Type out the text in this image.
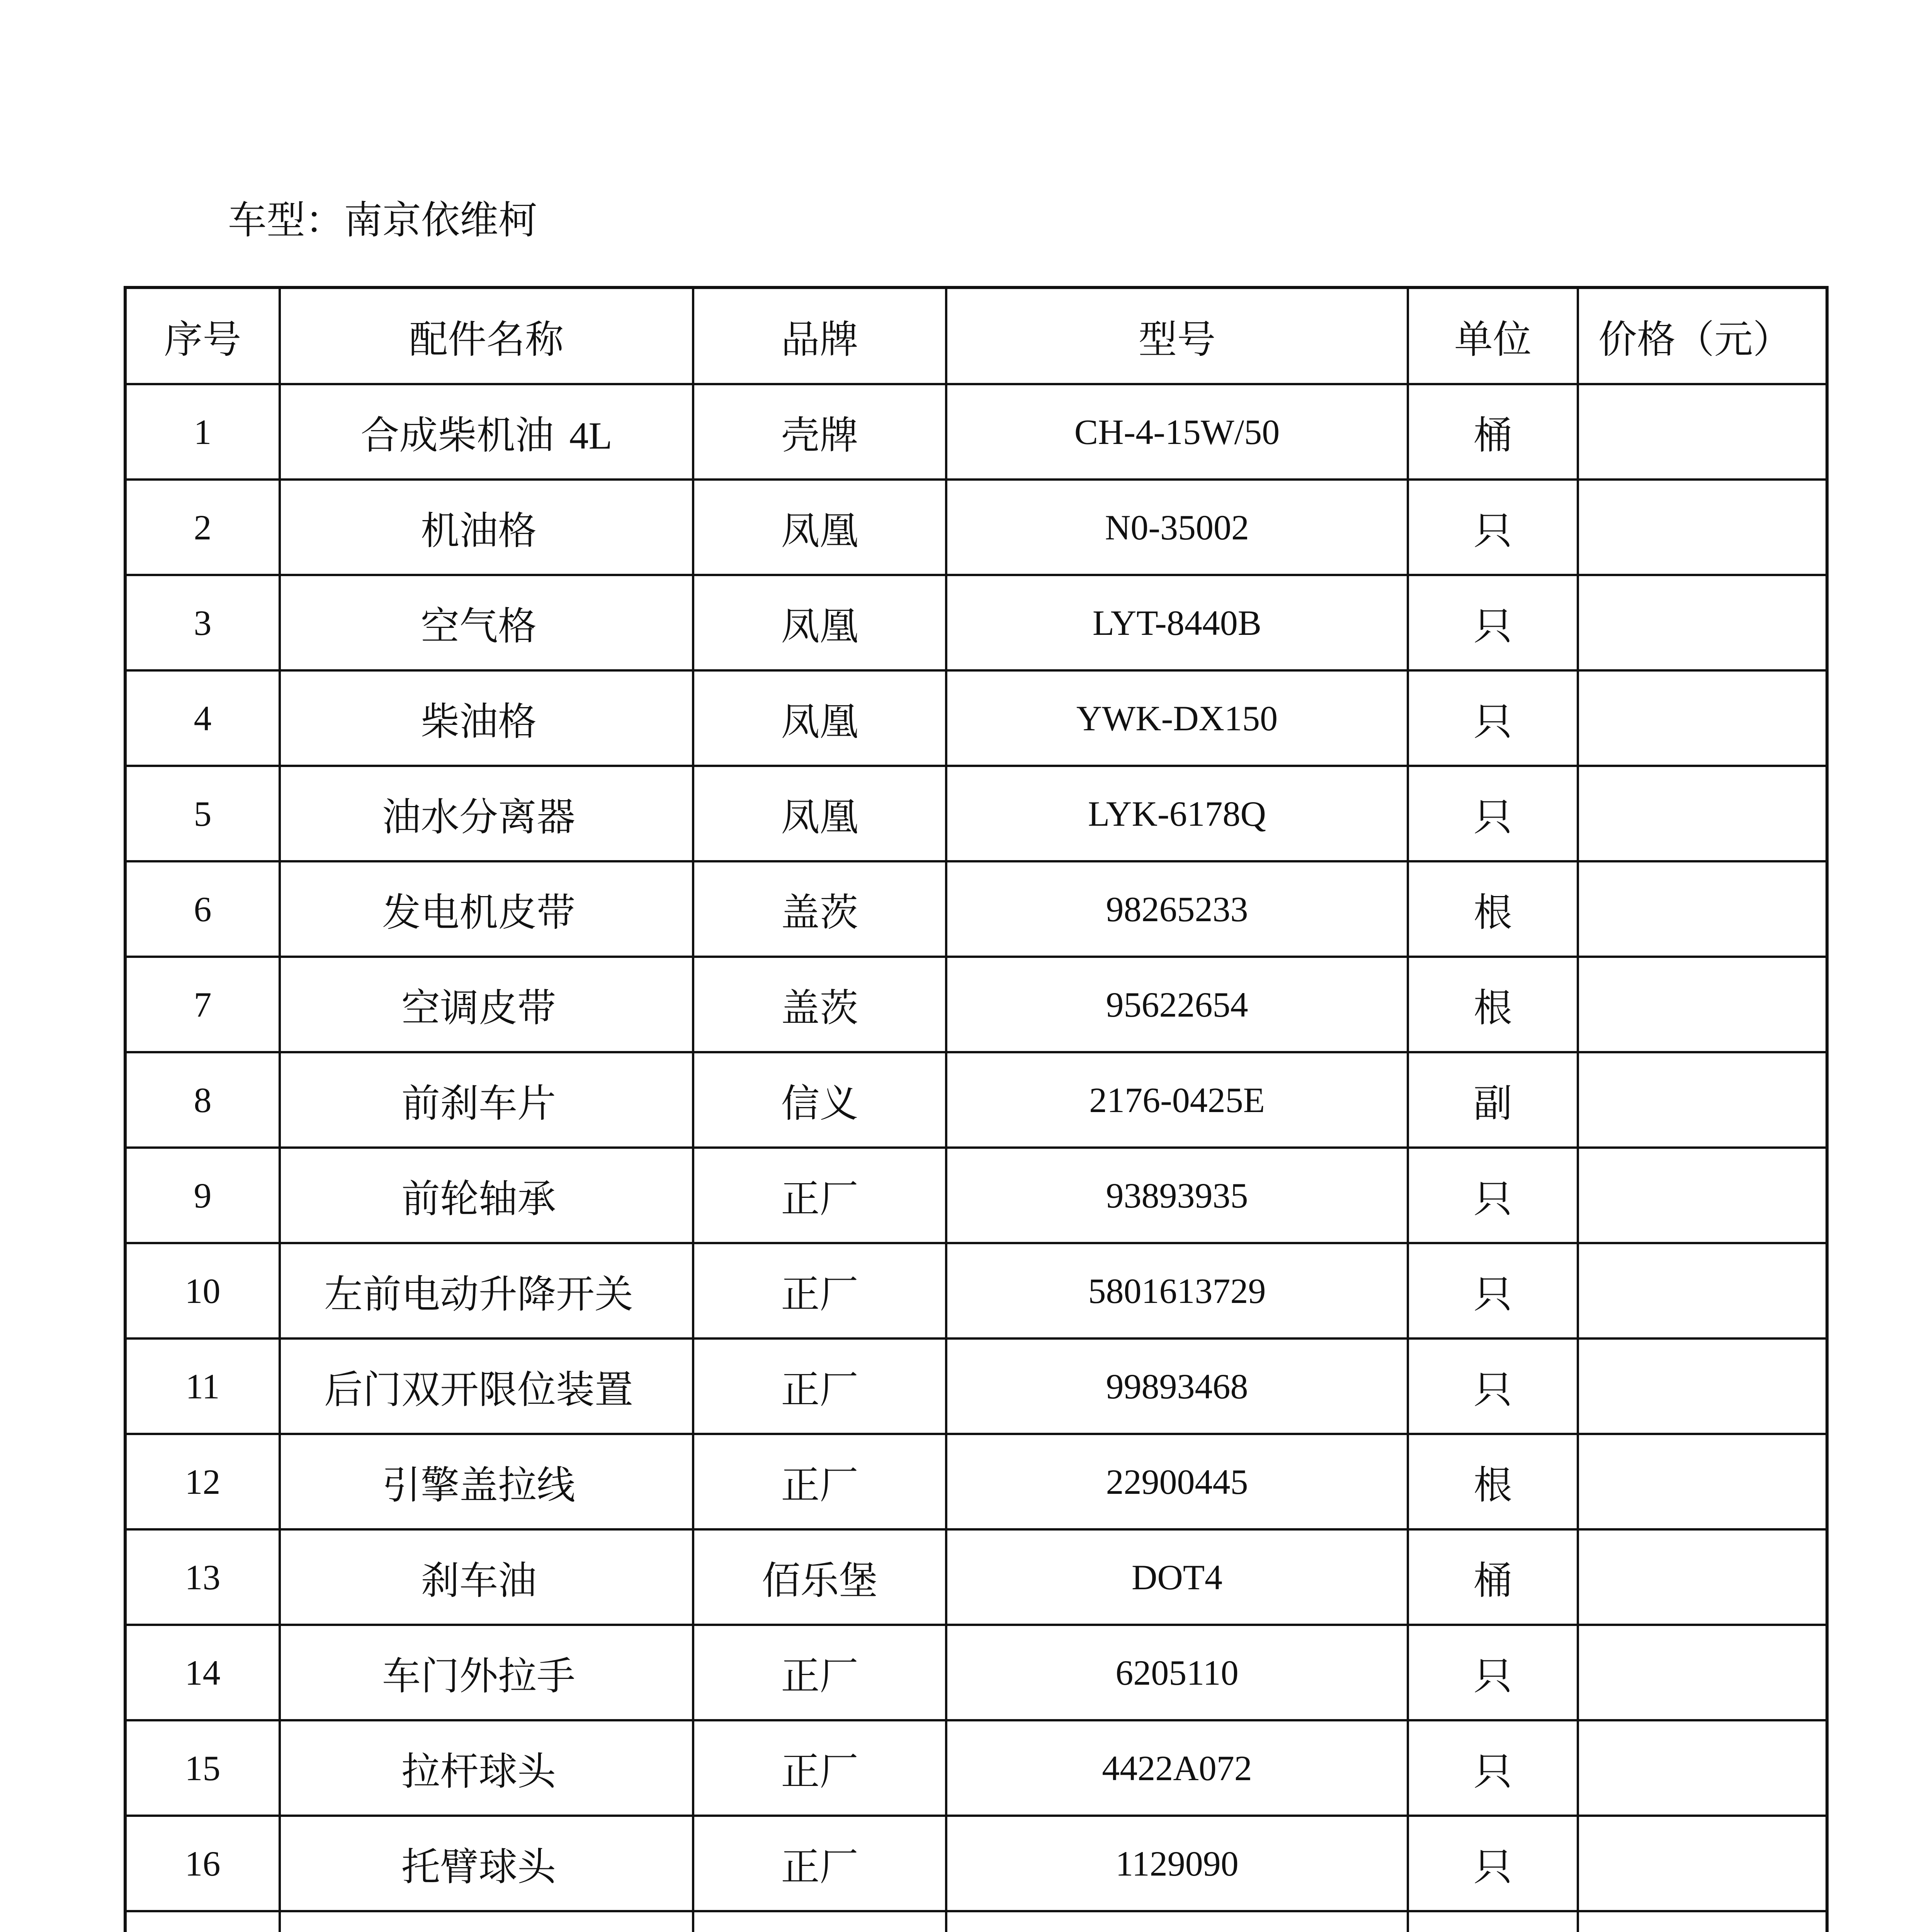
车型：南京依维柯
序号	配件名称	品牌	型号	单位	价格（元）
1	合成柴机油 4L	壳牌	CH-4-15W/50	桶	
2	机油格	凤凰	N0-35002	只	
3	空气格	凤凰	LYT-8440B	只	
4	柴油格	凤凰	YWK-DX150	只	
5	油水分离器	凤凰	LYK-6178Q	只	
6	发电机皮带	盖茨	98265233	根	
7	空调皮带	盖茨	95622654	根	
8	前刹车片	信义	2176-0425E	副	
9	前轮轴承	正厂	93893935	只	
10	左前电动升降开关	正厂	5801613729	只	
11	后门双开限位装置	正厂	99893468	只	
12	引擎盖拉线	正厂	22900445	根	
13	刹车油	佰乐堡	DOT4	桶	
14	车门外拉手	正厂	6205110	只	
15	拉杆球头	正厂	4422A072	只	
16	托臂球头	正厂	1129090	只	
